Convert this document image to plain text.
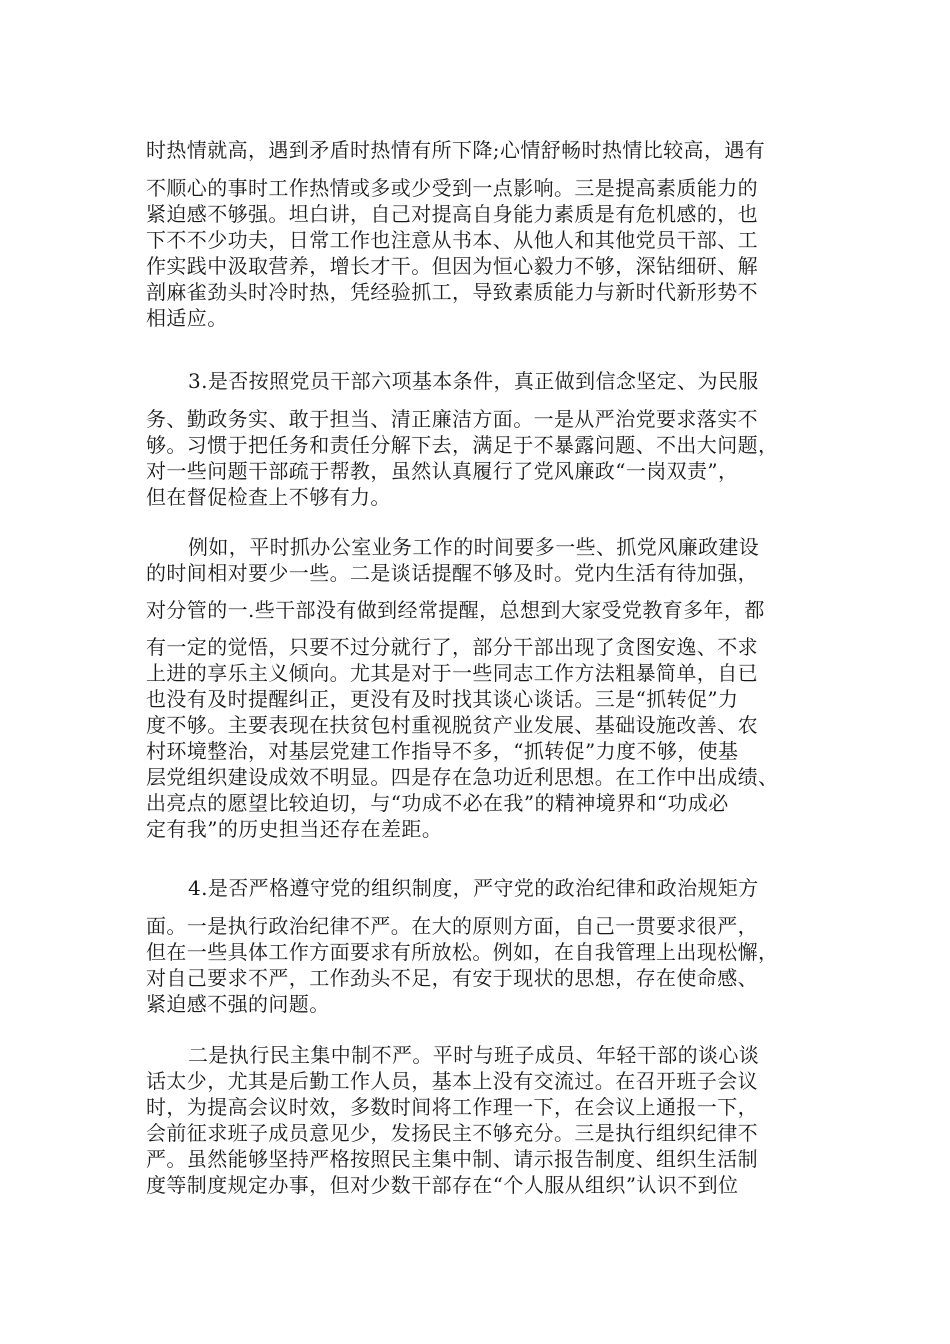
时热情就高，遇到矛盾时热情有所下降;心情舒畅时热情比较高，遇有
不顺心的事时工作热情或多或少受到一点影响。三是提高素质能力的
紧迫感不够强。坦白讲，自己对提高自身能力素质是有危机感的，也
下不不少功夫，日常工作也注意从书本、从他人和其他党员干部、工
作实践中汲取营养，增长才干。但因为恒心毅力不够，深钻细研、解
剖麻雀劲头时冷时热，凭经验抓工，导致素质能力与新时代新形势不
相适应。
3.是否按照党员干部六项基本条件，真正做到信念坚定、为民服
务、勤政务实、敢于担当、清正廉洁方面。一是从严治党要求落实不
够。习惯于把任务和责任分解下去，满足于不暴露问题、不出大问题，
对一些问题干部疏于帮教，虽然认真履行了党风廉政“一岗双责”，
但在督促检查上不够有力。
例如，平时抓办公室业务工作的时间要多一些、抓党风廉政建设
的时间相对要少一些。二是谈话提醒不够及时。党内生活有待加强，
对分管的一.些干部没有做到经常提醒，总想到大家受党教育多年，都
有一定的觉悟，只要不过分就行了，部分干部出现了贪图安逸、不求
上进的享乐主义倾向。尤其是对于一些同志工作方法粗暴简单，自已
也没有及时提醒纠正，更没有及时找其谈心谈话。三是“抓转促”力
度不够。主要表现在扶贫包村重视脱贫产业发展、基础设施改善、农
村环境整治，对基层党建工作指导不多，“抓转促”力度不够，使基
层党组织建设成效不明显。四是存在急功近利思想。在工作中出成绩、
出亮点的愿望比较迫切，与“功成不必在我”的精神境界和“功成必
定有我”的历史担当还存在差距。
4.是否严格遵守党的组织制度，严守党的政治纪律和政治规矩方
面。一是执行政治纪律不严。在大的原则方面，自己一贯要求很严，
但在一些具体工作方面要求有所放松。例如，在自我管理上出现松懈，
对自己要求不严，工作劲头不足，有安于现状的思想，存在使命感、
紧迫感不强的问题。
二是执行民主集中制不严。平时与班子成员、年轻干部的谈心谈
话太少，尤其是后勤工作人员，基本上没有交流过。在召开班子会议
时，为提高会议时效，多数时间将工作理一下，在会议上通报一下，
会前征求班子成员意见少，发扬民主不够充分。三是执行组织纪律不
严。虽然能够坚持严格按照民主集中制、请示报告制度、组织生活制
度等制度规定办事，但对少数干部存在“个人服从组织”认识不到位
